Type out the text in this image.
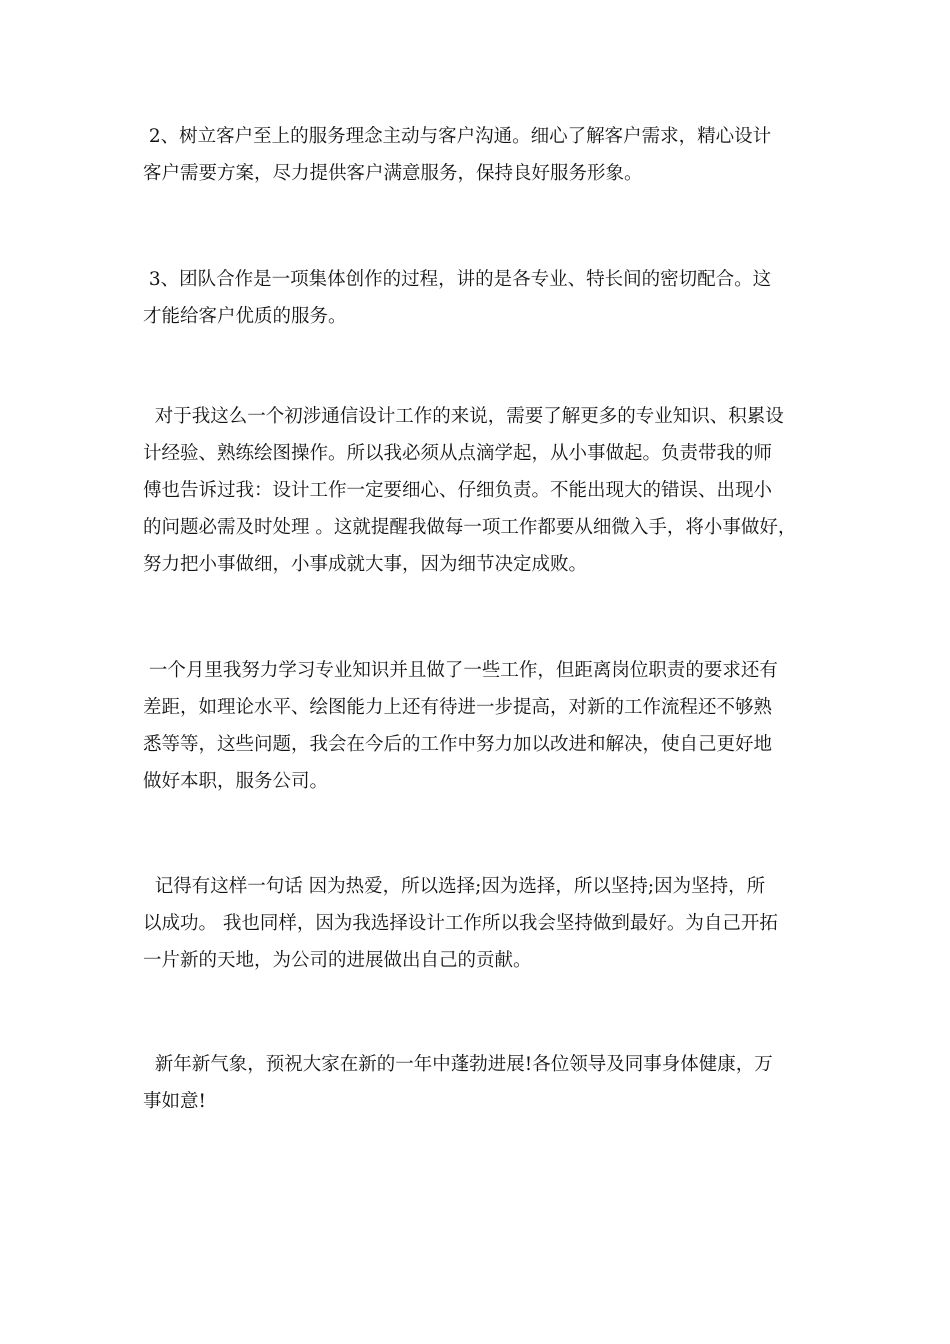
2、树立客户至上的服务理念主动与客户沟通。细心了解客户需求，精心设计
客户需要方案，尽力提供客户满意服务，保持良好服务形象。
3、团队合作是一项集体创作的过程，讲的是各专业、特长间的密切配合。这
才能给客户优质的服务。
对于我这么一个初涉通信设计工作的来说，需要了解更多的专业知识、积累设
计经验、熟练绘图操作。所以我必须从点滴学起，从小事做起。负责带我的师
傅也告诉过我：设计工作一定要细心、仔细负责。不能出现大的错误、出现小
的问题必需及时处理 。这就提醒我做每一项工作都要从细微入手，将小事做好，
努力把小事做细，小事成就大事，因为细节决定成败。
一个月里我努力学习专业知识并且做了一些工作，但距离岗位职责的要求还有
差距，如理论水平、绘图能力上还有待进一步提高，对新的工作流程还不够熟
悉等等，这些问题，我会在今后的工作中努力加以改进和解决，使自己更好地
做好本职，服务公司。
记得有这样一句话 因为热爱，所以选择;因为选择，所以坚持;因为坚持，所
以成功。 我也同样，因为我选择设计工作所以我会坚持做到最好。为自己开拓
一片新的天地，为公司的进展做出自己的贡献。
新年新气象，预祝大家在新的一年中蓬勃进展!各位领导及同事身体健康，万
事如意!
